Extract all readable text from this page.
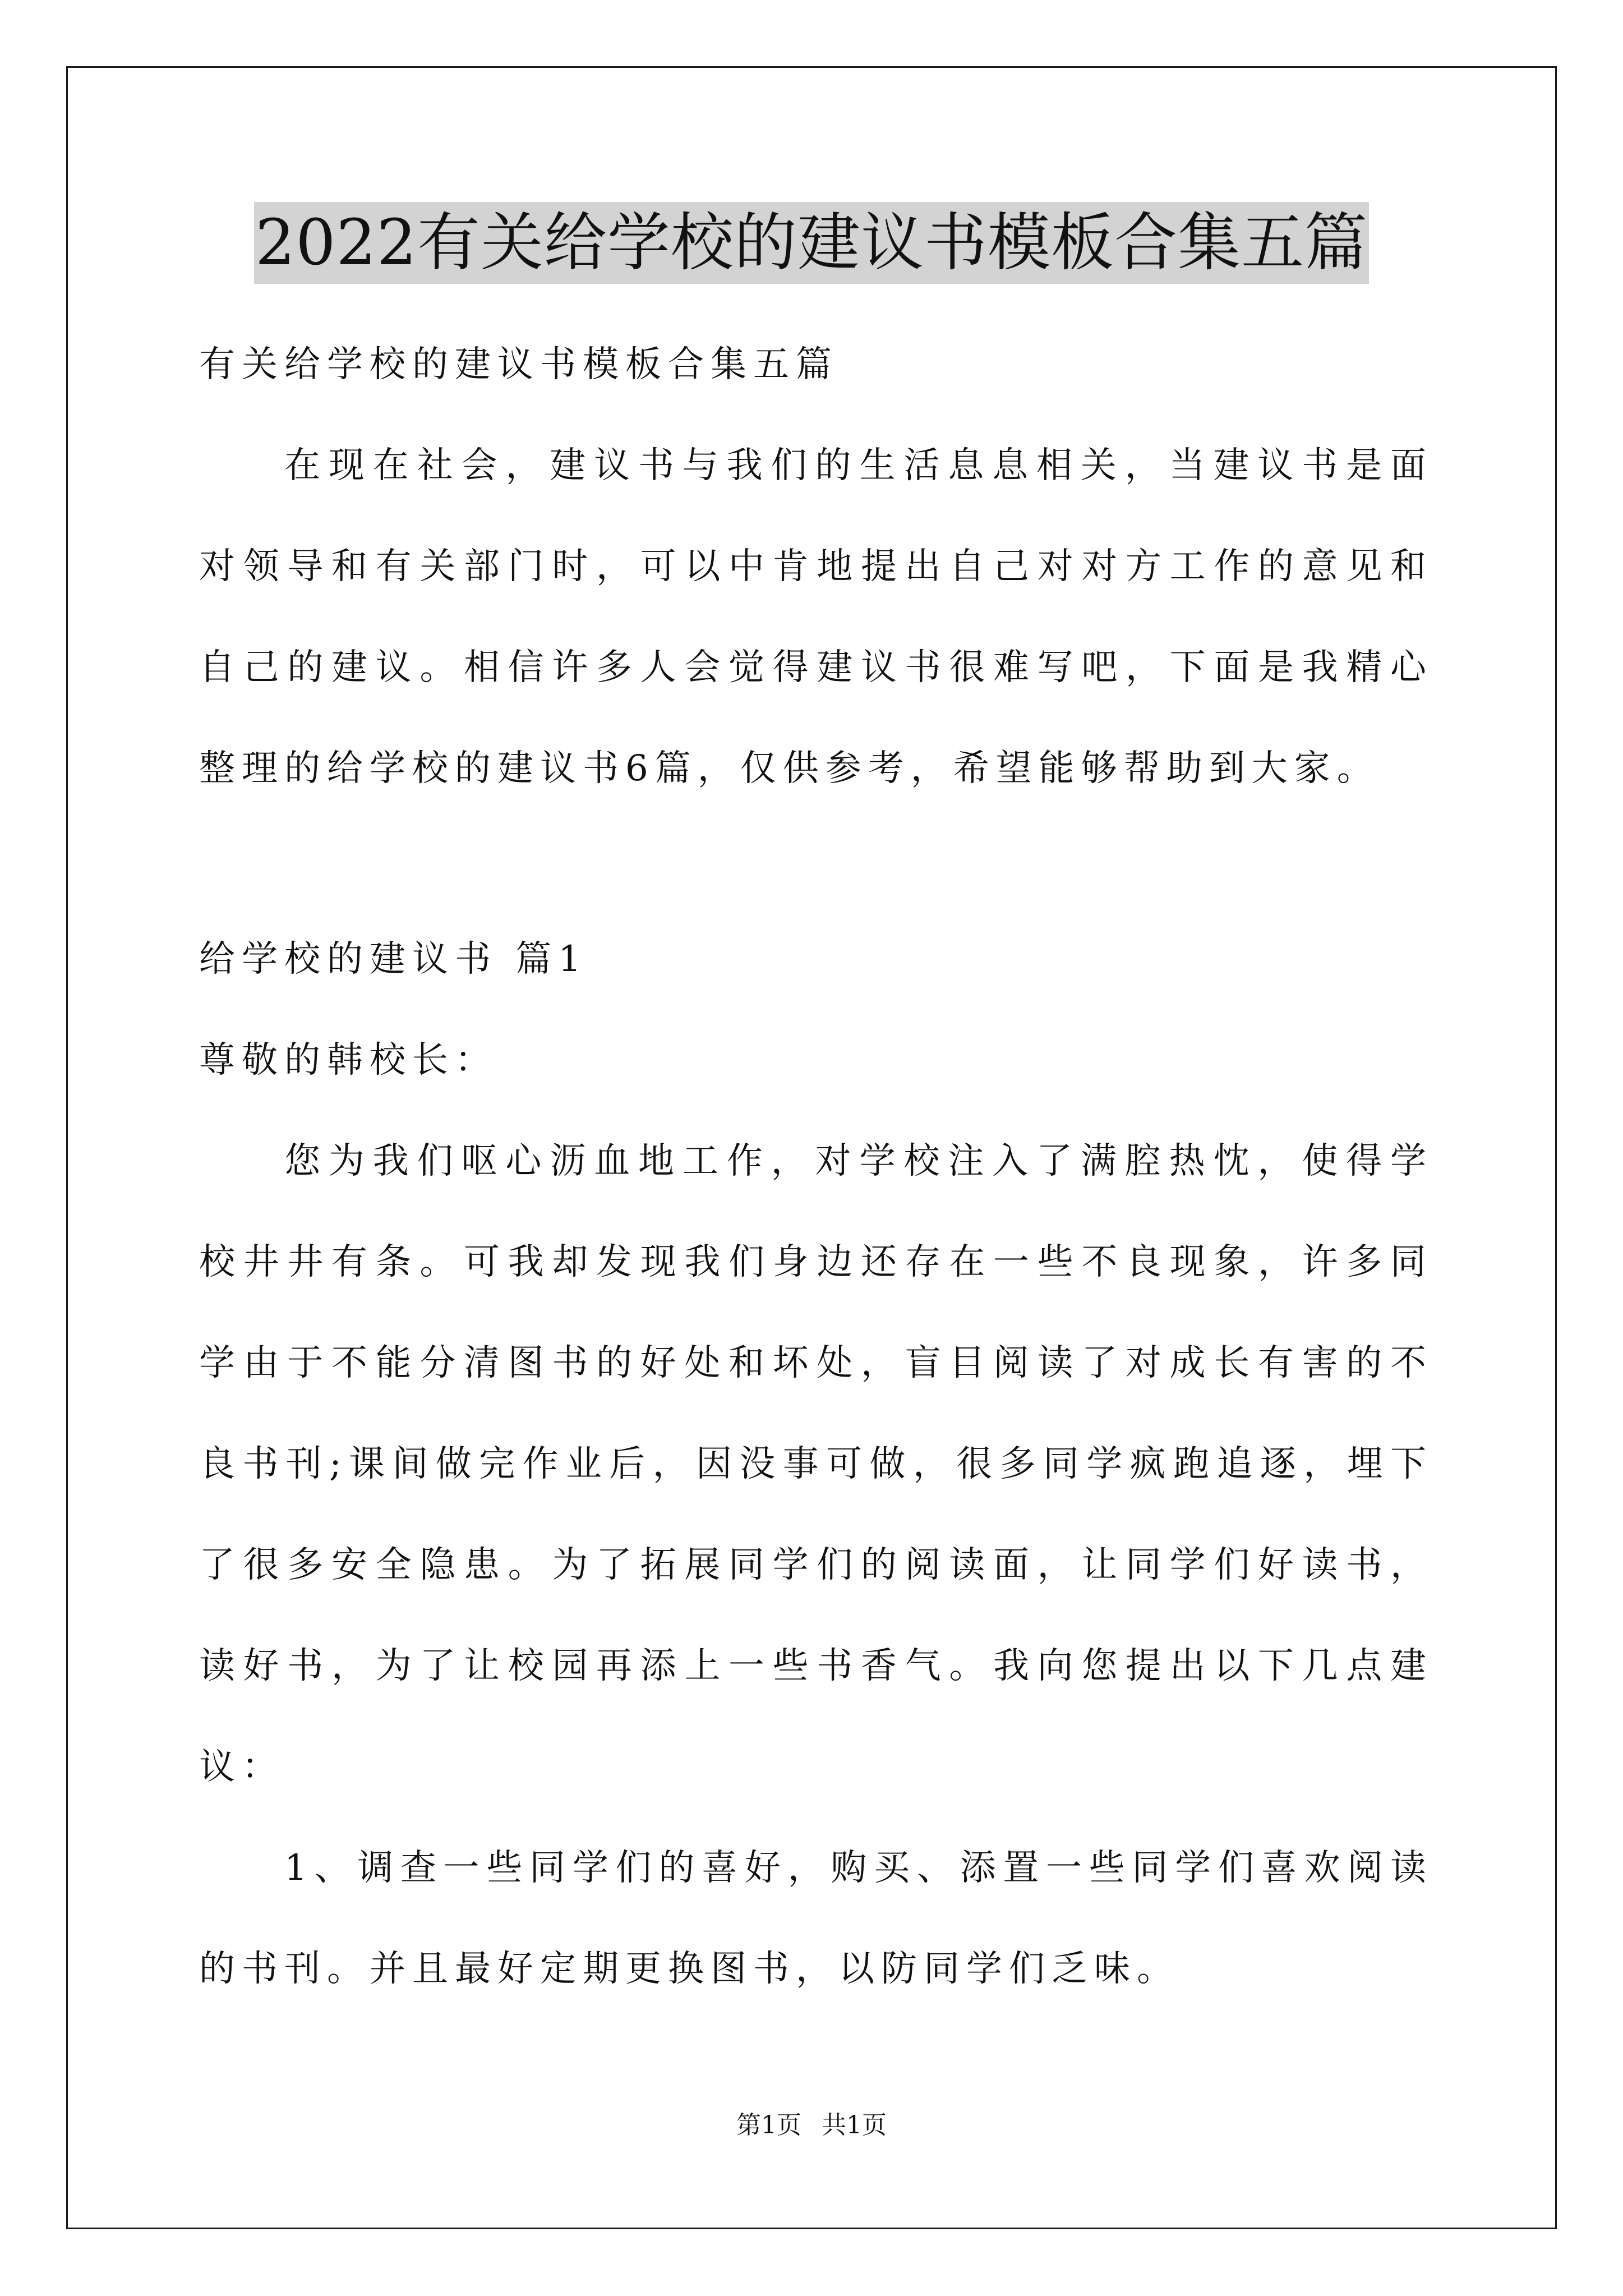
2022有关给学校的建议书模板合集五篇

有关给学校的建议书模板合集五篇

在现在社会，建议书与我们的生活息息相关，当建议书是面对领导和有关部门时，可以中肯地提出自己对对方工作的意见和自己的建议。相信许多人会觉得建议书很难写吧，下面是我精心整理的给学校的建议书6篇，仅供参考，希望能够帮助到大家。

给学校的建议书 篇1

尊敬的韩校长：

您为我们呕心沥血地工作，对学校注入了满腔热忱，使得学校井井有条。可我却发现我们身边还存在一些不良现象，许多同学由于不能分清图书的好处和坏处，盲目阅读了对成长有害的不良书刊;课间做完作业后，因没事可做，很多同学疯跑追逐，埋下了很多安全隐患。为了拓展同学们的阅读面，让同学们好读书，读好书，为了让校园再添上一些书香气。我向您提出以下几点建议：

1、调查一些同学们的喜好，购买、添置一些同学们喜欢阅读的书刊。并且最好定期更换图书，以防同学们乏味。

第1页 共1页
